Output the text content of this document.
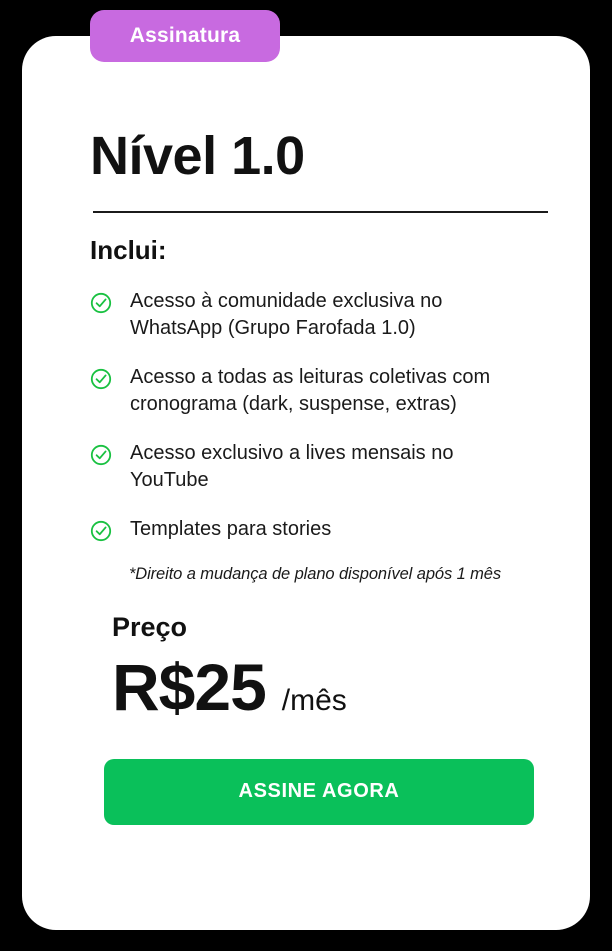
Nível 1.0
Inclui:
Acesso à comunidade exclusiva no WhatsApp (Grupo Farofada 1.0)
Acesso a todas as leituras coletivas com cronograma (dark, suspense, extras)
Acesso exclusivo a lives mensais no YouTube
Templates para stories
*Direito a mudança de plano disponível após 1 mês
Preço
R$25 /mês
ASSINE AGORA
Assinatura
